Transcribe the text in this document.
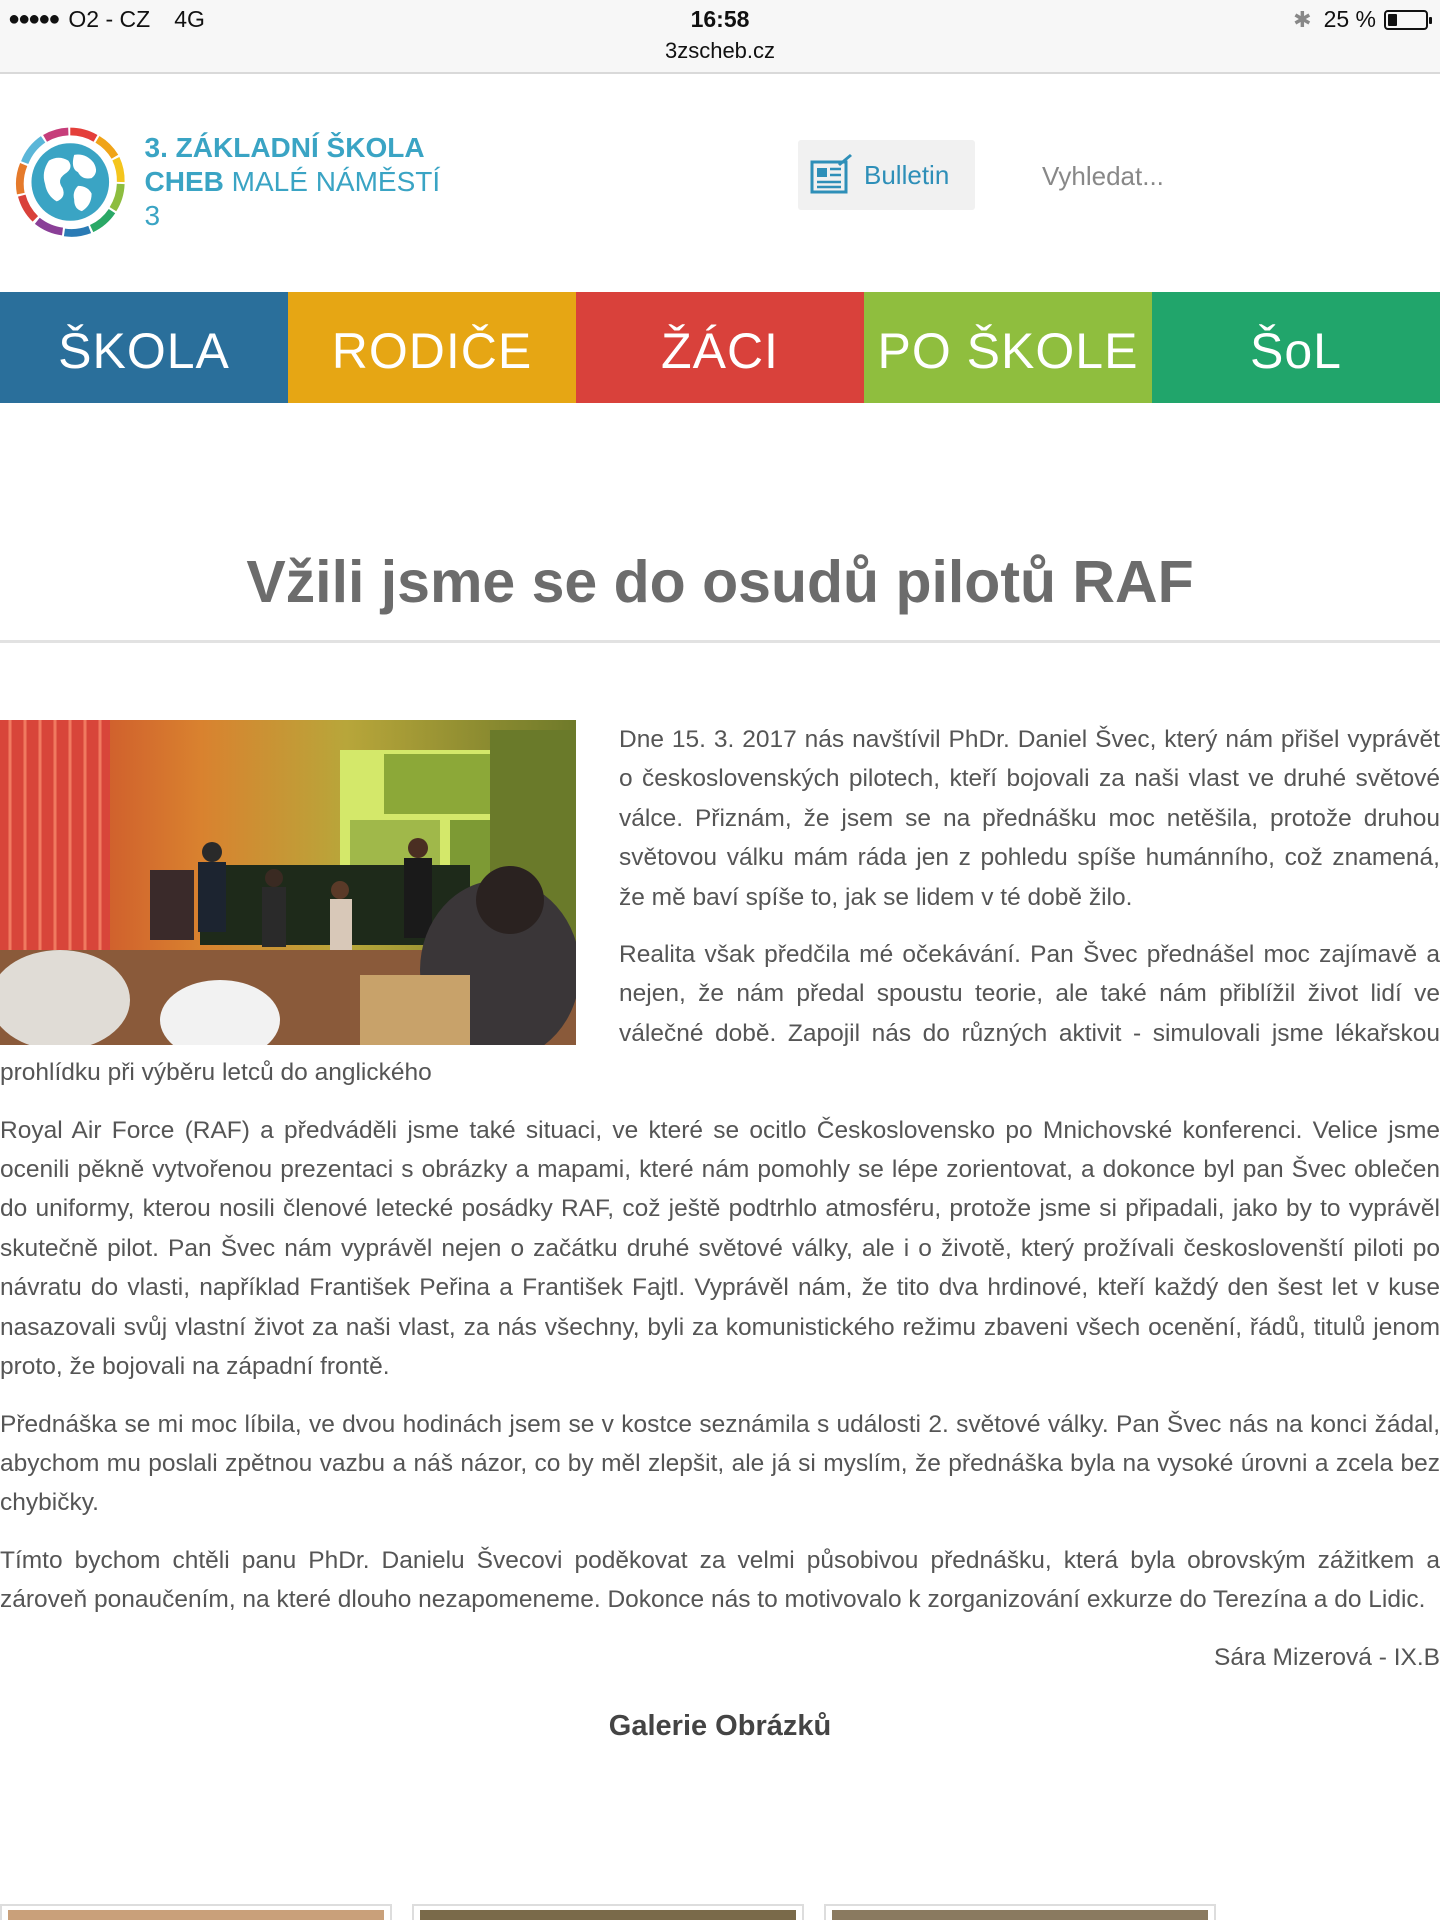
●●●●● O2 - CZ 4G	16:58
3zscheb.cz
✱ 25 %
3. ZÁKLADNÍ ŠKOLA
CHEB MALÉ NÁMĚSTÍ 3
Bulletin
Vyhledat...
ŠKOLA	RODIČE	ŽÁCI	PO ŠKOLE	ŠoL
Vžili jsme se do osudů pilotů RAF

Dne 15. 3. 2017 nás navštívil PhDr. Daniel Švec, který nám přišel vyprávět o československých pilotech, kteří bojovali za naši vlast ve druhé světové válce. Přiznám, že jsem se na přednášku moc netěšila, protože druhou světovou válku mám ráda jen z pohledu spíše humánního, což znamená, že mě baví spíše to, jak se lidem v té době žilo.

Realita však předčila mé očekávání. Pan Švec přednášel moc zajímavě a nejen, že nám předal spoustu teorie, ale také nám přiblížil život lidí ve válečné době. Zapojil nás do různých aktivit - simulovali jsme lékařskou prohlídku při výběru letců do anglického

Royal Air Force (RAF) a předváděli jsme také situaci, ve které se ocitlo Československo po Mnichovské konferenci. Velice jsme ocenili pěkně vytvořenou prezentaci s obrázky a mapami, které nám pomohly se lépe zorientovat, a dokonce byl pan Švec oblečen do uniformy, kterou nosili členové letecké posádky RAF, což ještě podtrhlo atmosféru, protože jsme si připadali, jako by to vyprávěl skutečně pilot. Pan Švec nám vyprávěl nejen o začátku druhé světové války, ale i o životě, který prožívali českoslovenští piloti po návratu do vlasti, například František Peřina a František Fajtl. Vyprávěl nám, že tito dva hrdinové, kteří každý den šest let v kuse nasazovali svůj vlastní život za naši vlast, za nás všechny, byli za komunistického režimu zbaveni všech ocenění, řádů, titulů jenom proto, že bojovali na západní frontě.

Přednáška se mi moc líbila, ve dvou hodinách jsem se v kostce seznámila s události 2. světové války. Pan Švec nás na konci žádal, abychom mu poslali zpětnou vazbu a náš názor, co by měl zlepšit, ale já si myslím, že přednáška byla na vysoké úrovni a zcela bez chybičky.

Tímto bychom chtěli panu PhDr. Danielu Švecovi poděkovat za velmi působivou přednášku, která byla obrovským zážitkem a zároveň ponaučením, na které dlouho nezapomeneme. Dokonce nás to motivovalo k zorganizování exkurze do Terezína a do Lidic.

Sára Mizerová - IX.B
Galerie Obrázků
